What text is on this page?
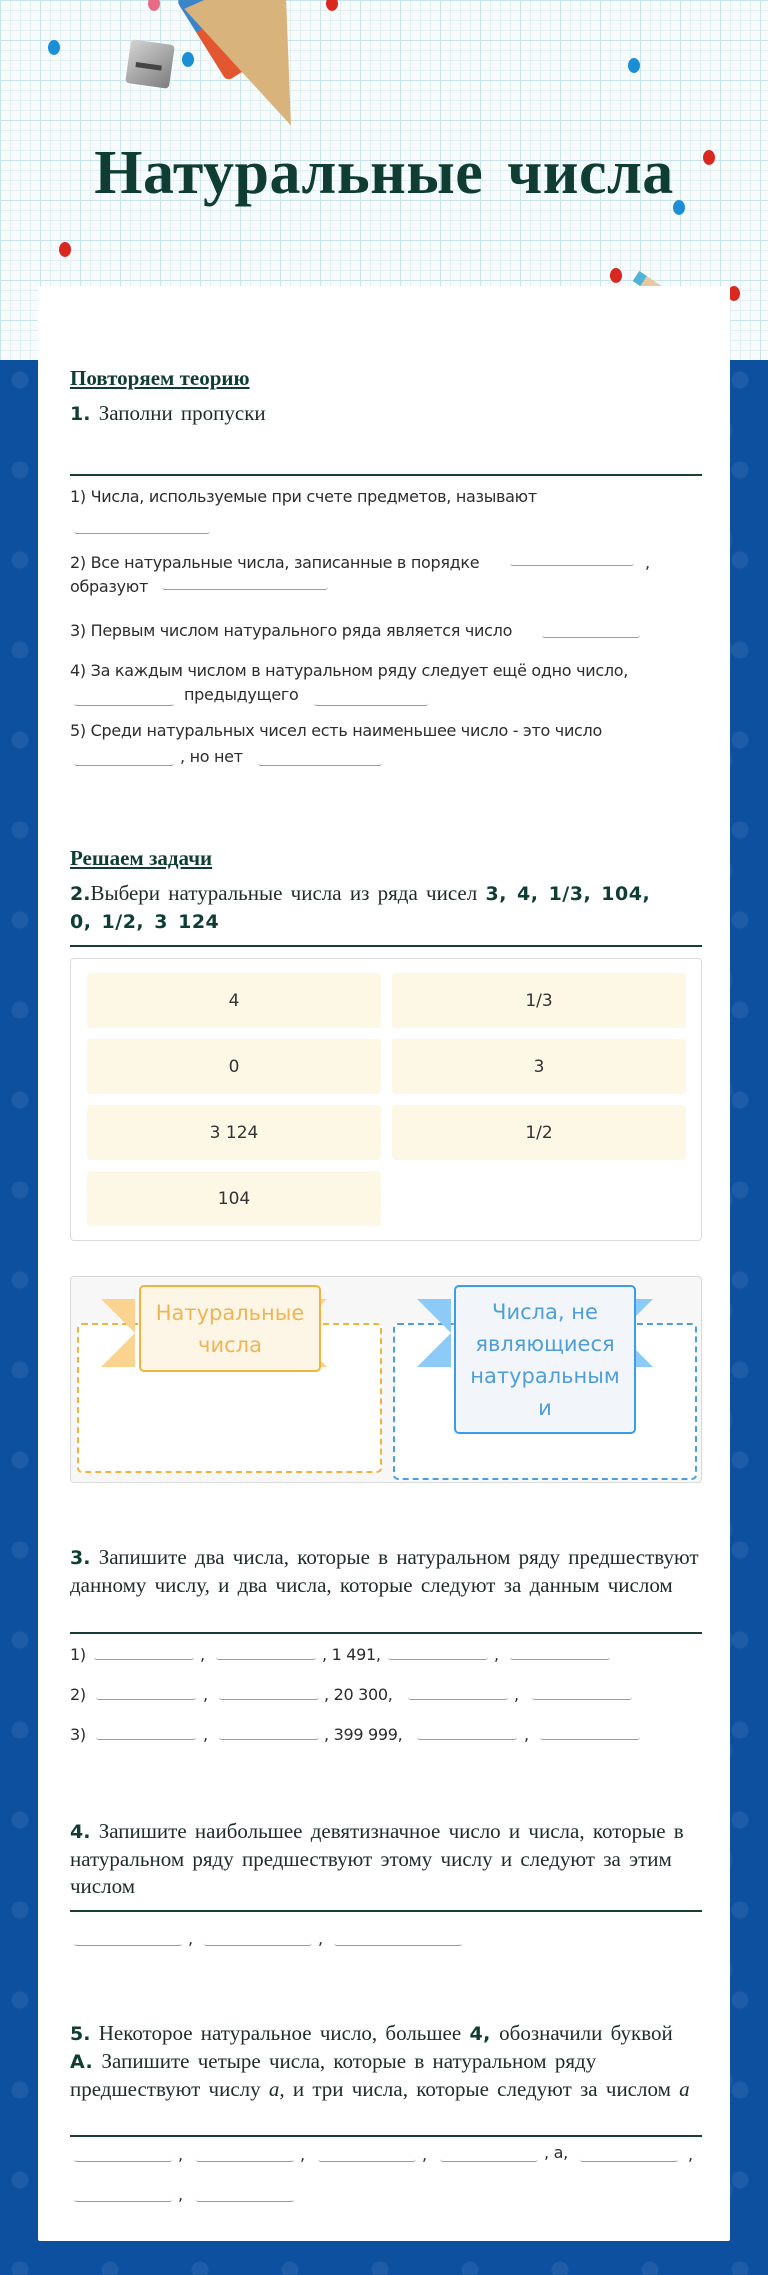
Натуральные числа
Повторяем теорию
1. Заполни пропуски
1) Числа, используемые при счете предметов, называют
2) Все натуральные числа, записанные в порядке	,
образуют
3) Первым числом натурального ряда является число
4) За каждым числом в натуральном ряду следует ещё одно число,
предыдущего
5) Среди натуральных чисел есть наименьшее число - это число
, но нет
Решаем задачи
2.Выбери натуральные числа из ряда чисел 3, 4, 1/3, 104,
0, 1/2, 3 124
4	1/3
0	3
3 124	1/2
104
Натуральные числа
Числа, не являющиеся натуральным и
3. Запишите два числа, которые в натуральном ряду предшествуют данному числу, и два числа, которые следуют за данным числом
1)	,	, 1 491,	,
2)	,	, 20 300,	,
3)	,	, 399 999,	,
4. Запишите наибольшее девятизначное число и числа, которые в натуральном ряду предшествуют этому числу и следуют за этим числом
,	,
5. Некоторое натуральное число, большее 4, обозначили буквой A. Запишите четыре числа, которые в натуральном ряду предшествуют числу a, и три числа, которые следуют за числом a
,	,	,	, a,	,
,
